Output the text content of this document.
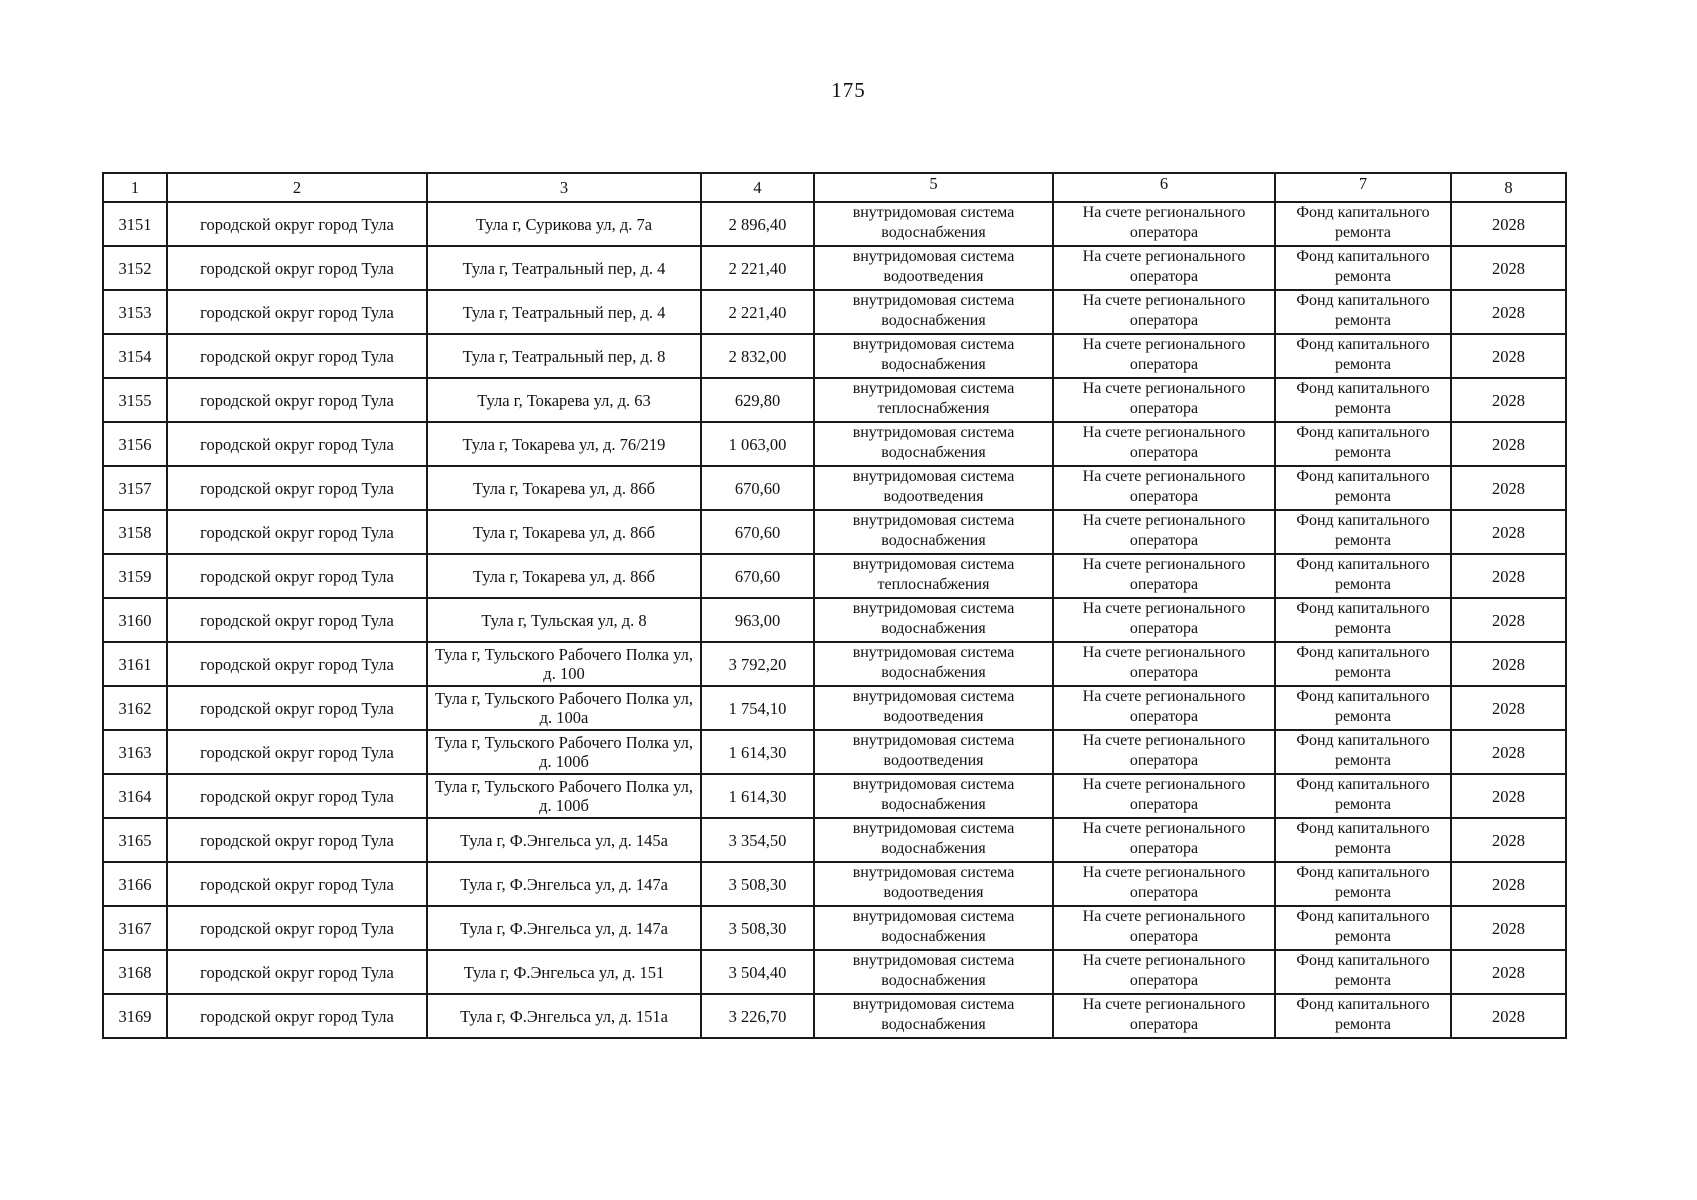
175
1	2	3	4	5	6	7	8
3151	городской округ город Тула	Тула г, Сурикова ул, д. 7а	2 896,40	внутридомовая система водоснабжения	На счете регионального оператора	Фонд капитального ремонта	2028
3152	городской округ город Тула	Тула г, Театральный пер, д. 4	2 221,40	внутридомовая система водоотведения	На счете регионального оператора	Фонд капитального ремонта	2028
3153	городской округ город Тула	Тула г, Театральный пер, д. 4	2 221,40	внутридомовая система водоснабжения	На счете регионального оператора	Фонд капитального ремонта	2028
3154	городской округ город Тула	Тула г, Театральный пер, д. 8	2 832,00	внутридомовая система водоснабжения	На счете регионального оператора	Фонд капитального ремонта	2028
3155	городской округ город Тула	Тула г, Токарева ул, д. 63	629,80	внутридомовая система теплоснабжения	На счете регионального оператора	Фонд капитального ремонта	2028
3156	городской округ город Тула	Тула г, Токарева ул, д. 76/219	1 063,00	внутридомовая система водоснабжения	На счете регионального оператора	Фонд капитального ремонта	2028
3157	городской округ город Тула	Тула г, Токарева ул, д. 86б	670,60	внутридомовая система водоотведения	На счете регионального оператора	Фонд капитального ремонта	2028
3158	городской округ город Тула	Тула г, Токарева ул, д. 86б	670,60	внутридомовая система водоснабжения	На счете регионального оператора	Фонд капитального ремонта	2028
3159	городской округ город Тула	Тула г, Токарева ул, д. 86б	670,60	внутридомовая система теплоснабжения	На счете регионального оператора	Фонд капитального ремонта	2028
3160	городской округ город Тула	Тула г, Тульская ул, д. 8	963,00	внутридомовая система водоснабжения	На счете регионального оператора	Фонд капитального ремонта	2028
3161	городской округ город Тула	Тула г, Тульского Рабочего Полка ул, д. 100	3 792,20	внутридомовая система водоснабжения	На счете регионального оператора	Фонд капитального ремонта	2028
3162	городской округ город Тула	Тула г, Тульского Рабочего Полка ул, д. 100а	1 754,10	внутридомовая система водоотведения	На счете регионального оператора	Фонд капитального ремонта	2028
3163	городской округ город Тула	Тула г, Тульского Рабочего Полка ул, д. 100б	1 614,30	внутридомовая система водоотведения	На счете регионального оператора	Фонд капитального ремонта	2028
3164	городской округ город Тула	Тула г, Тульского Рабочего Полка ул, д. 100б	1 614,30	внутридомовая система водоснабжения	На счете регионального оператора	Фонд капитального ремонта	2028
3165	городской округ город Тула	Тула г, Ф.Энгельса ул, д. 145а	3 354,50	внутридомовая система водоснабжения	На счете регионального оператора	Фонд капитального ремонта	2028
3166	городской округ город Тула	Тула г, Ф.Энгельса ул, д. 147а	3 508,30	внутридомовая система водоотведения	На счете регионального оператора	Фонд капитального ремонта	2028
3167	городской округ город Тула	Тула г, Ф.Энгельса ул, д. 147а	3 508,30	внутридомовая система водоснабжения	На счете регионального оператора	Фонд капитального ремонта	2028
3168	городской округ город Тула	Тула г, Ф.Энгельса ул, д. 151	3 504,40	внутридомовая система водоснабжения	На счете регионального оператора	Фонд капитального ремонта	2028
3169	городской округ город Тула	Тула г, Ф.Энгельса ул, д. 151а	3 226,70	внутридомовая система водоснабжения	На счете регионального оператора	Фонд капитального ремонта	2028
